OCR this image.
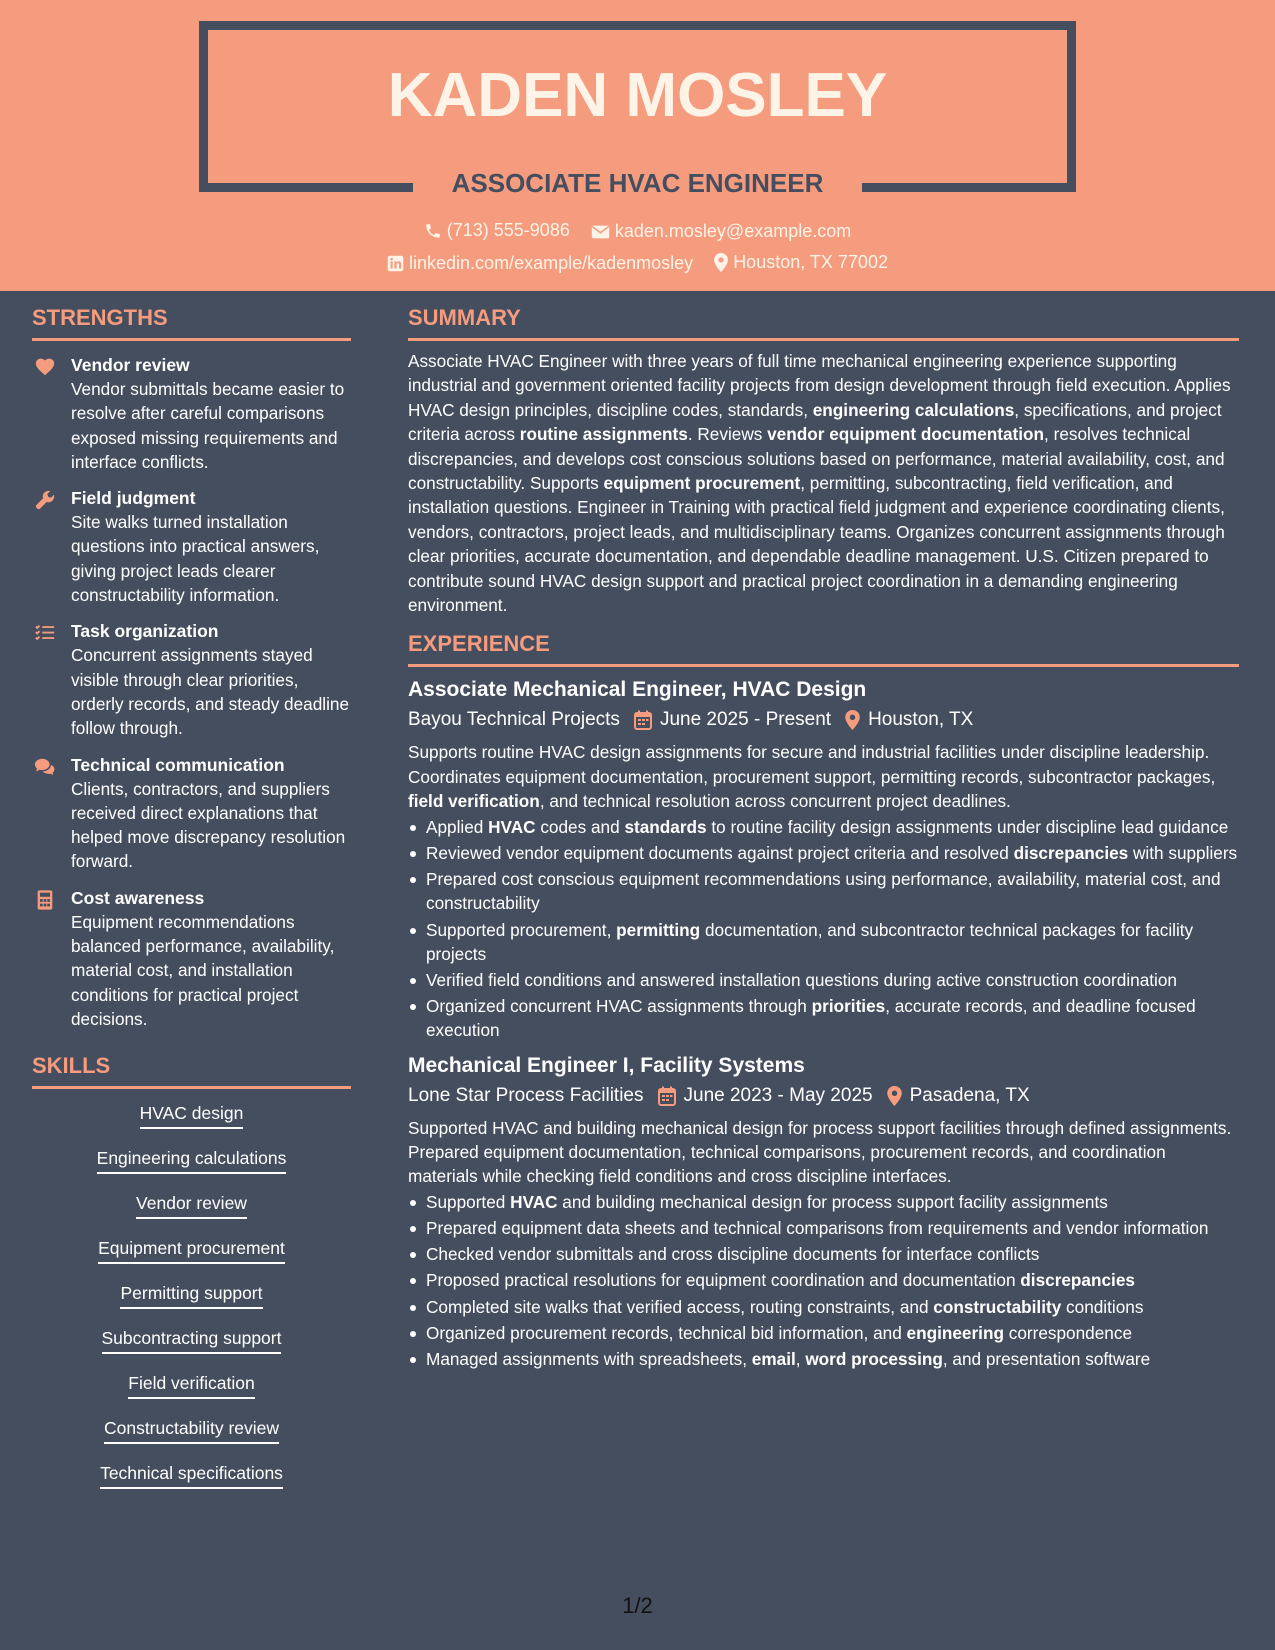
KADEN MOSLEY
ASSOCIATE HVAC ENGINEER
(713) 555-9086
	kaden.mosley@example.com
linkedin.com/example/kadenmosley
Houston, TX 77002
STRENGTHS
Vendor review
Vendor submittals became easier to resolve after careful comparisons exposed missing requirements and interface conflicts.
Field judgment
Site walks turned installation questions into practical answers, giving project leads clearer constructability information.
Task organization
Concurrent assignments stayed visible through clear priorities, orderly records, and steady deadline follow through.
Technical communication
Clients, contractors, and suppliers received direct explanations that helped move discrepancy resolution forward.
Cost awareness
Equipment recommendations balanced performance, availability, material cost, and installation conditions for practical project decisions.
SKILLS
HVAC design
Engineering calculations
Vendor review
Equipment procurement
Permitting support
Subcontracting support
Field verification
Constructability review
Technical specifications
SUMMARY
Associate HVAC Engineer with three years of full time mechanical engineering experience supporting industrial and government oriented facility projects from design development through field execution. Applies HVAC design principles, discipline codes, standards, engineering calculations, specifications, and project criteria across routine assignments. Reviews vendor equipment documentation, resolves technical discrepancies, and develops cost conscious solutions based on performance, material availability, cost, and constructability. Supports equipment procurement, permitting, subcontracting, field verification, and installation questions. Engineer in Training with practical field judgment and experience coordinating clients, vendors, contractors, project leads, and multidisciplinary teams. Organizes concurrent assignments through clear priorities, accurate documentation, and dependable deadline management. U.S. Citizen prepared to contribute sound HVAC design support and practical project coordination in a demanding engineering environment.
EXPERIENCE
Associate Mechanical Engineer, HVAC Design
Bayou Technical Projects June 2025 - Present Houston, TX
Supports routine HVAC design assignments for secure and industrial facilities under discipline leadership. Coordinates equipment documentation, procurement support, permitting records, subcontractor packages, field verification, and technical resolution across concurrent project deadlines.
Applied HVAC codes and standards to routine facility design assignments under discipline lead guidance
Reviewed vendor equipment documents against project criteria and resolved discrepancies with suppliers
Prepared cost conscious equipment recommendations using performance, availability, material cost, and constructability
Supported procurement, permitting documentation, and subcontractor technical packages for facility projects
Verified field conditions and answered installation questions during active construction coordination
Organized concurrent HVAC assignments through priorities, accurate records, and deadline focused execution
Mechanical Engineer I, Facility Systems
Lone Star Process Facilities June 2023 - May 2025 Pasadena, TX
Supported HVAC and building mechanical design for process support facilities through defined assignments. Prepared equipment documentation, technical comparisons, procurement records, and coordination materials while checking field conditions and cross discipline interfaces.
Supported HVAC and building mechanical design for process support facility assignments
Prepared equipment data sheets and technical comparisons from requirements and vendor information
Checked vendor submittals and cross discipline documents for interface conflicts
Proposed practical resolutions for equipment coordination and documentation discrepancies
Completed site walks that verified access, routing constraints, and constructability conditions
Organized procurement records, technical bid information, and engineering correspondence
Managed assignments with spreadsheets, email, word processing, and presentation software
1/2
